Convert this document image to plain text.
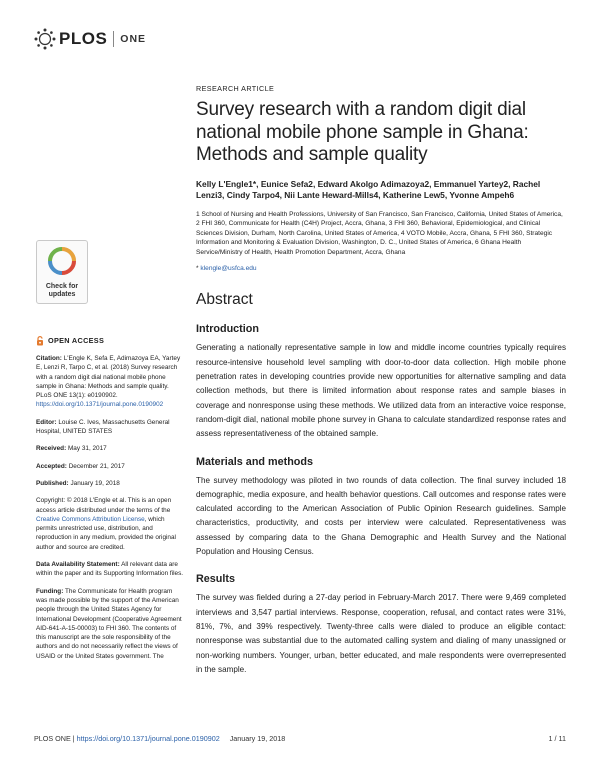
PLOS ONE
Check for updates
OPEN ACCESS

Citation: L'Engle K, Sefa E, Adimazoya EA, Yartey E, Lenzi R, Tarpo C, et al. (2018) Survey research with a random digit dial national mobile phone sample in Ghana: Methods and sample quality. PLoS ONE 13(1): e0190902. https://doi.org/10.1371/journal.pone.0190902

Editor: Louise C. Ives, Massachusetts General Hospital, UNITED STATES

Received: May 31, 2017

Accepted: December 21, 2017

Published: January 19, 2018

Copyright: © 2018 L'Engle et al. This is an open access article distributed under the terms of the Creative Commons Attribution License, which permits unrestricted use, distribution, and reproduction in any medium, provided the original author and source are credited.

Data Availability Statement: All relevant data are within the paper and its Supporting Information files.

Funding: The Communicate for Health program was made possible by the support of the American people through the United States Agency for International Development (Cooperative Agreement AID-641-A-15-00003) to FHI 360. The contents of this manuscript are the sole responsibility of the authors and do not necessarily reflect the views of USAID or the United States government. The

RESEARCH ARTICLE
Survey research with a random digit dial national mobile phone sample in Ghana: Methods and sample quality
Kelly L'Engle1*, Eunice Sefa2, Edward Akolgo Adimazoya2, Emmanuel Yartey2, Rachel Lenzi3, Cindy Tarpo4, Nii Lante Heward-Mills4, Katherine Lew5, Yvonne Ampeh6
1 School of Nursing and Health Professions, University of San Francisco, San Francisco, California, United States of America, 2 FHI 360, Communicate for Health (C4H) Project, Accra, Ghana, 3 FHI 360, Behavioral, Epidemiological, and Clinical Sciences Division, Durham, North Carolina, United States of America, 4 VOTO Mobile, Accra, Ghana, 5 FHI 360, Strategic Information and Monitoring & Evaluation Division, Washington, D. C., United States of America, 6 Ghana Health Service/Ministry of Health, Health Promotion Department, Accra, Ghana
* klengle@usfca.edu
Abstract
Introduction

Generating a nationally representative sample in low and middle income countries typically requires resource-intensive household level sampling with door-to-door data collection. High mobile phone penetration rates in developing countries provide new opportunities for alternative sampling and data collection methods, but there is limited information about response rates and sample biases in coverage and nonresponse using these methods. We utilized data from an interactive voice response, random-digit dial, national mobile phone survey in Ghana to calculate standardized response rates and assess representativeness of the obtained sample.

Materials and methods

The survey methodology was piloted in two rounds of data collection. The final survey included 18 demographic, media exposure, and health behavior questions. Call outcomes and response rates were calculated according to the American Association of Public Opinion Research guidelines. Sample characteristics, productivity, and costs per interview were calculated. Representativeness was assessed by comparing data to the Ghana Demographic and Health Survey and the National Population and Housing Census.

Results

The survey was fielded during a 27-day period in February-March 2017. There were 9,469 completed interviews and 3,547 partial interviews. Response, cooperation, refusal, and contact rates were 31%, 81%, 7%, and 39% respectively. Twenty-three calls were dialed to produce an eligible contact: nonresponse was substantial due to the automated calling system and dialing of many unassigned or non-working numbers. Younger, urban, better educated, and male respondents were overrepresented in the sample.

PLOS ONE | https://doi.org/10.1371/journal.pone.0190902 January 19, 2018	1 / 11
